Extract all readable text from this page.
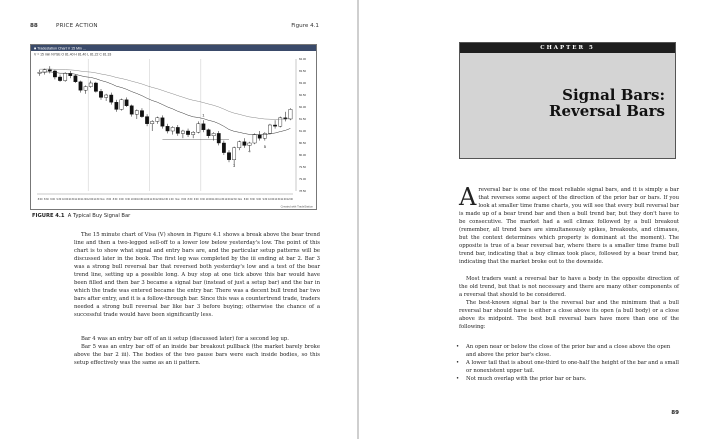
88	PRICE ACTION	Figure 4.1
■ Tradestation Chart V 15 Min ...
V = 15 min NYSE O 81.40 H 81.40 L 81.22 C 81.33
Created with TradeStation
84.00
83.50
83.00
82.50
82.00
81.50
81.00
80.50
80.00
79.50
79.00
78.50
8:00 8:30 9:00 9:30 10:00 10:30 11:00 11:30 12:00 12:30 Nov 8:00 8:30 9:00 9:30 10:00 10:30 11:00 11:30 12:00 12:30 1:00 Nov 8:00 8:30 9:00 9:30 10:00 11:00 11:30 12:00 12:30 Nov 8:00 8:30 9:00 9:30 10:00 10:30 11:00 12:00
1
2
3
4
5
FIGURE 4.1 A Typical Buy Signal Bar

The 15 minute chart of Visa (V) shown in Figure 4.1 shows a break above the bear trend line and then a two-legged sell-off to a lower low below yesterday's low. The point of this chart is to show what signal and entry bars are, and the particular setup patterns will be discussed later in the book. The first leg was completed by the iii ending at bar 2. Bar 3 was a strong bull reversal bar that reversed both yesterday's low and a test of the bear trend line, setting up a possible long. A buy stop at one tick above this bar would have been filled and then bar 3 became a signal bar (instead of just a setup bar) and the bar in which the trade was entered became the entry bar. There was a decent bull trend bar two bars after entry, and it is a follow-through bar. Since this was a countertrend trade, traders needed a strong bull reversal bar like bar 3 before buying; otherwise the chance of a successful trade would have been significantly less.

Bar 4 was an entry bar off of an ii setup (discussed later) for a second leg up.

Bar 5 was an entry bar off of an inside bar breakout pullback (the market barely broke above the bar 2 iii). The bodies of the two pause bars were each inside bodies, so this setup effectively was the same as an ii pattern.

CHAPTER 5
Signal Bars:
Reversal Bars

Areversal bar is one of the most reliable signal bars, and it is simply a bar that reverses some aspect of the direction of the prior bar or bars. If you look at smaller time frame charts, you will see that every bull reversal bar is made up of a bear trend bar and then a bull trend bar, but they don't have to be consecutive. The market had a sell climax followed by a bull breakout (remember, all trend bars are simultaneously spikes, breakouts, and climaxes, but the context determines which property is dominant at the moment). The opposite is true of a bear reversal bar, where there is a smaller time frame bull trend bar, indicating that a buy climax took place, followed by a bear trend bar, indicating that the market broke out to the downside.

Most traders want a reversal bar to have a body in the opposite direction of the old trend, but that is not necessary and there are many other components of a reversal that should to be considered.

The best-known signal bar is the reversal bar and the minimum that a bull reversal bar should have is either a close above its open (a bull body) or a close above its midpoint. The best bull reversal bars have more than one of the following:

• An open near or below the close of the prior bar and a close above the open and above the prior bar's close.
• A lower tail that is about one-third to one-half the height of the bar and a small or nonexistent upper tail.
• Not much overlap with the prior bar or bars.
89
